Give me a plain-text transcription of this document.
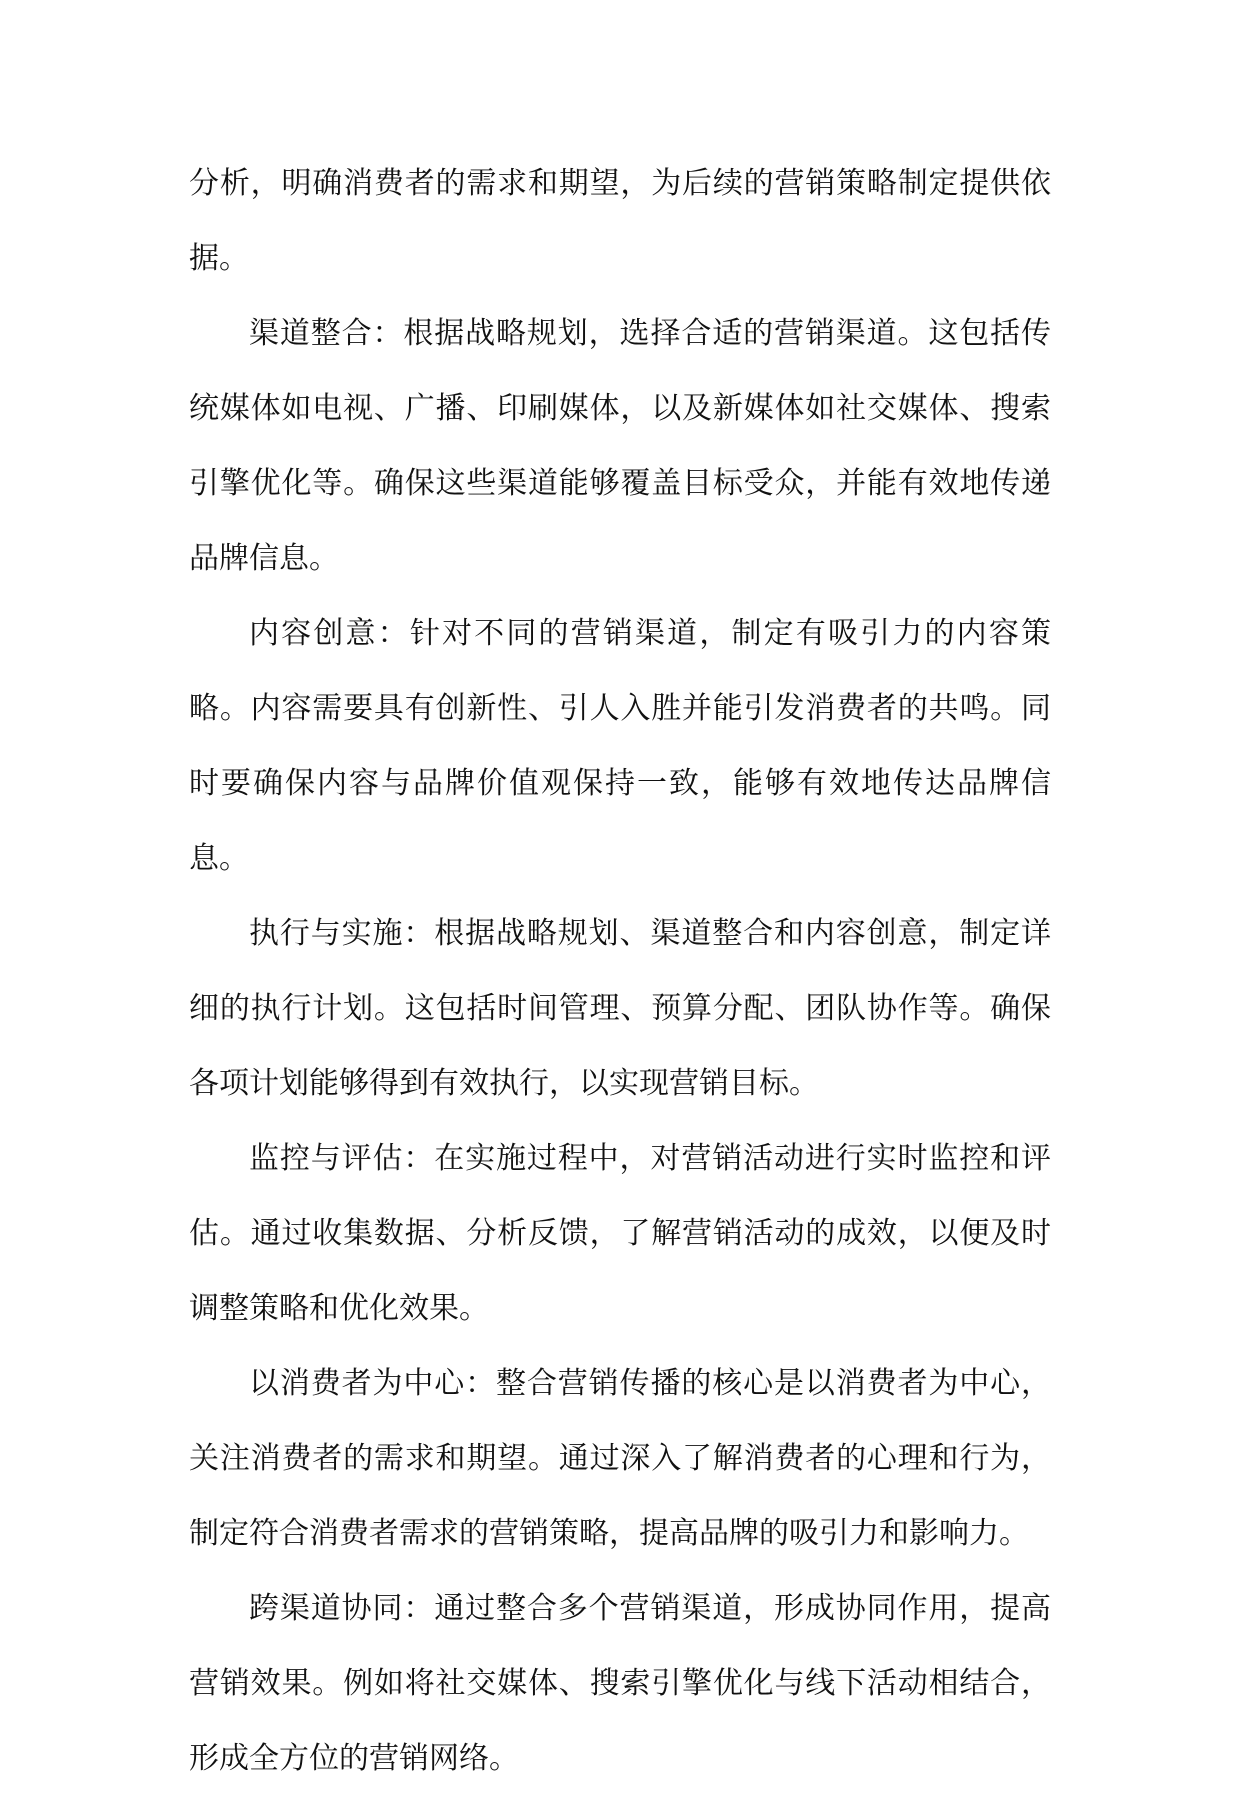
分析，明确消费者的需求和期望，为后续的营销策略制定提供依据。

渠道整合：根据战略规划，选择合适的营销渠道。这包括传统媒体如电视、广播、印刷媒体，以及新媒体如社交媒体、搜索引擎优化等。确保这些渠道能够覆盖目标受众，并能有效地传递品牌信息。

内容创意：针对不同的营销渠道，制定有吸引力的内容策略。内容需要具有创新性、引人入胜并能引发消费者的共鸣。同时要确保内容与品牌价值观保持一致，能够有效地传达品牌信息。

执行与实施：根据战略规划、渠道整合和内容创意，制定详细的执行计划。这包括时间管理、预算分配、团队协作等。确保各项计划能够得到有效执行，以实现营销目标。

监控与评估：在实施过程中，对营销活动进行实时监控和评估。通过收集数据、分析反馈，了解营销活动的成效，以便及时调整策略和优化效果。

以消费者为中心：整合营销传播的核心是以消费者为中心，关注消费者的需求和期望。通过深入了解消费者的心理和行为，制定符合消费者需求的营销策略，提高品牌的吸引力和影响力。

跨渠道协同：通过整合多个营销渠道，形成协同作用，提高营销效果。例如将社交媒体、搜索引擎优化与线下活动相结合，形成全方位的营销网络。
